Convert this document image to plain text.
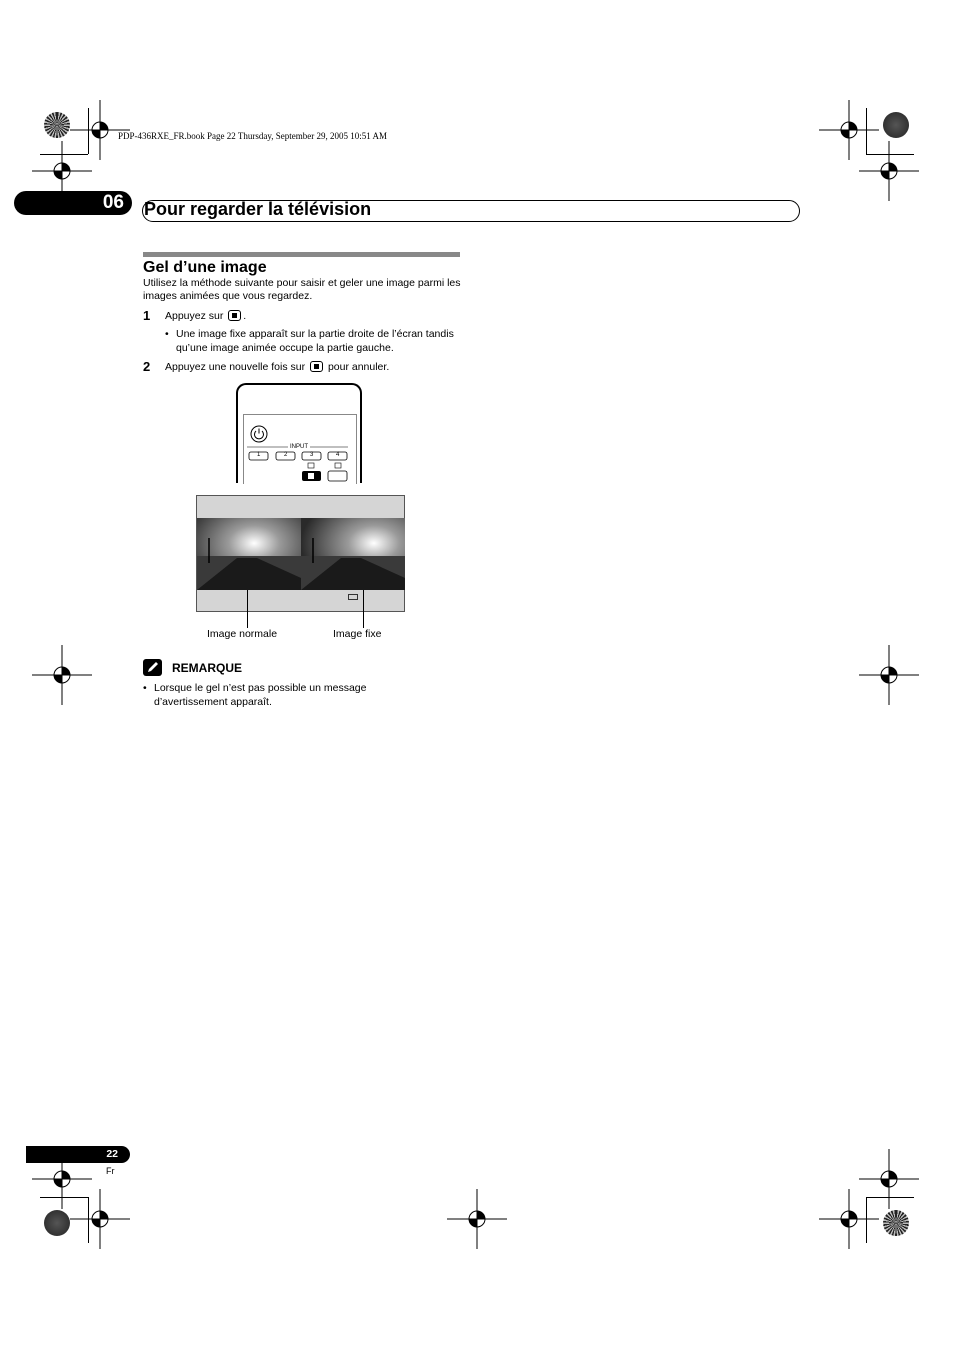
PDP-436RXE_FR.book Page 22 Thursday, September 29, 2005 10:51 AM
06	Pour regarder la télévision
Gel d’une image
Utilisez la méthode suivante pour saisir et geler une image parmi les images animées que vous regardez.
1 Appuyez sur .
• Une image fixe apparaît sur la partie droite de l’écran tandis qu’une image animée occupe la partie gauche.
2 Appuyez une nouvelle fois sur pour annuler.
INPUT
1	2	3	4
Image normale	Image fixe
REMARQUE
• Lorsque le gel n’est pas possible un message d’avertissement apparaît.
22
Fr
